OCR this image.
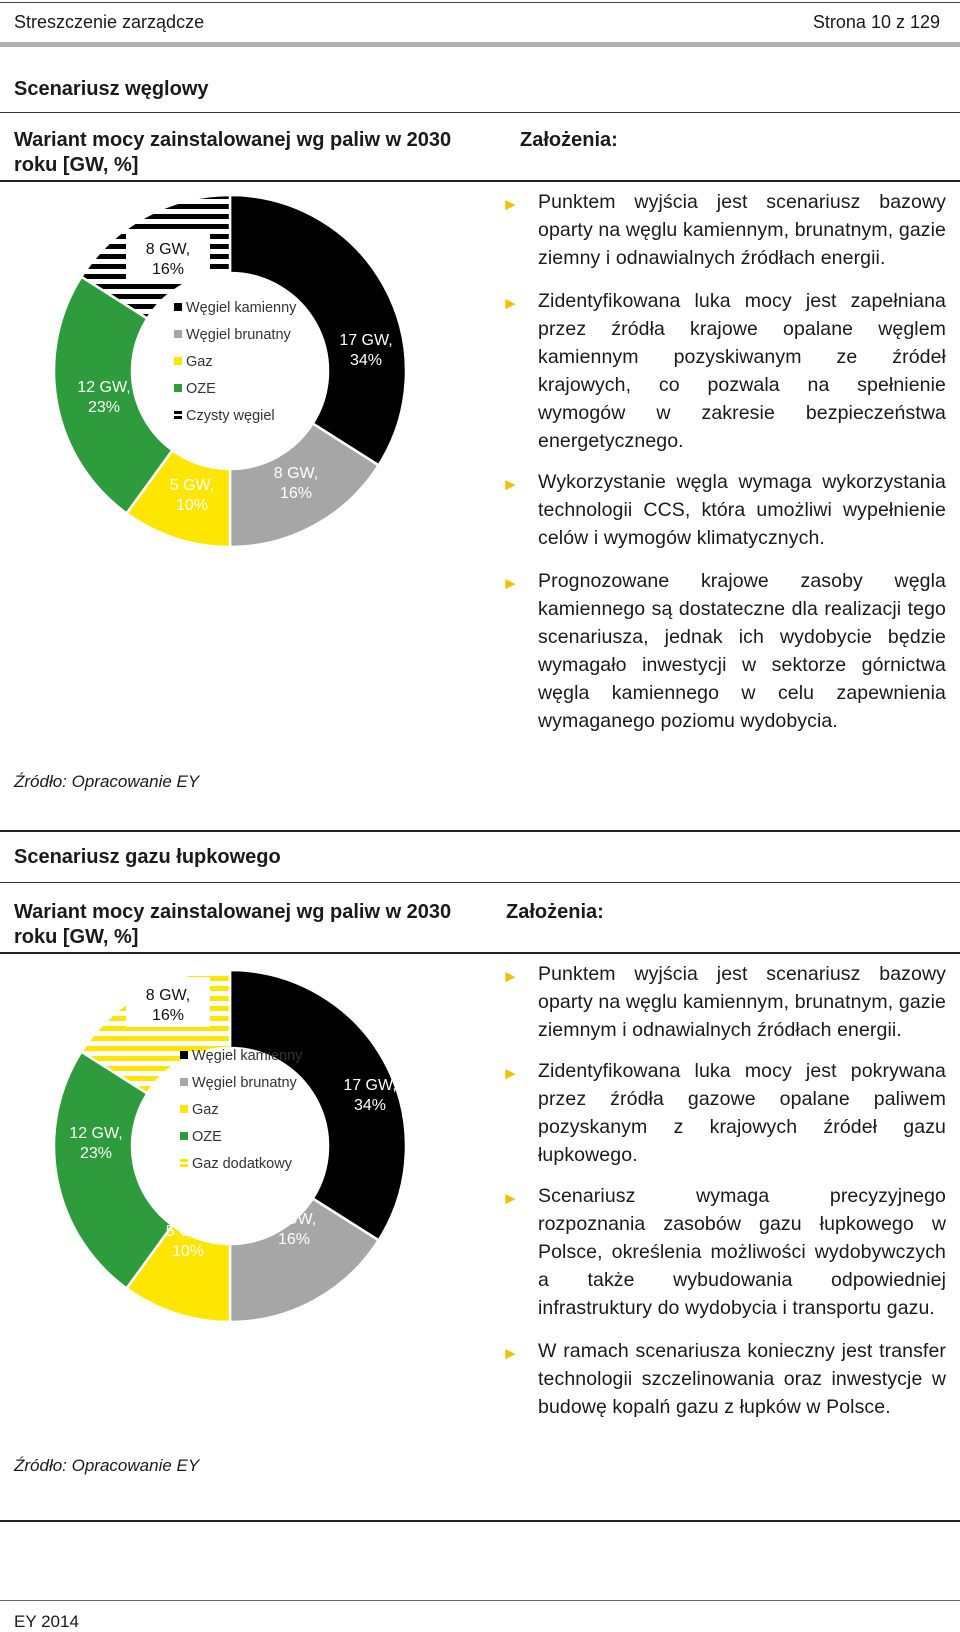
Streszczenie zarządcze	Strona 10 z 129
Scenariusz węglowy
Wariant mocy zainstalowanej wg paliw w 2030 roku [GW, %]
Założenia:
17 GW,
34%
8 GW,
16%
5 GW,
10%
12 GW,
23%
8 GW,
16%
Węgiel kamienny
Węgiel brunatny
Gaz
OZE
Czysty węgiel
Źródło: Opracowanie EY
► Punktem wyjścia jest scenariusz bazowy oparty na węglu kamiennym, brunatnym, gazie ziemny i odnawialnych źródłach energii.
► Zidentyfikowana luka mocy jest zapełniana przez źródła krajowe opalane węglem kamiennym pozyskiwanym ze źródeł krajowych, co pozwala na spełnienie wymogów w zakresie bezpieczeństwa energetycznego.
► Wykorzystanie węgla wymaga wykorzystania technologii CCS, która umożliwi wypełnienie celów i wymogów klimatycznych.
► Prognozowane krajowe zasoby węgla kamiennego są dostateczne dla realizacji tego scenariusza, jednak ich wydobycie będzie wymagało inwestycji w sektorze górnictwa węgla kamiennego w celu zapewnienia wymaganego poziomu wydobycia.
Scenariusz gazu łupkowego
Wariant mocy zainstalowanej wg paliw w 2030 roku [GW, %]
Założenia:
17 GW,
34%
8 GW,
16%
5 GW,
10%
12 GW,
23%
8 GW,
16%
Węgiel kamienny
Węgiel brunatny
Gaz
OZE
Gaz dodatkowy
Źródło: Opracowanie EY
► Punktem wyjścia jest scenariusz bazowy oparty na węglu kamiennym, brunatnym, gazie ziemnym i odnawialnych źródłach energii.
► Zidentyfikowana luka mocy jest pokrywana przez źródła gazowe opalane paliwem pozyskanym z krajowych źródeł gazu łupkowego.
► Scenariusz wymaga precyzyjnego rozpoznania zasobów gazu łupkowego w Polsce, określenia możliwości wydobywczych a także wybudowania odpowiedniej infrastruktury do wydobycia i transportu gazu.
► W ramach scenariusza konieczny jest transfer technologii szczelinowania oraz inwestycje w budowę kopalń gazu z łupków w Polsce.
EY 2014
